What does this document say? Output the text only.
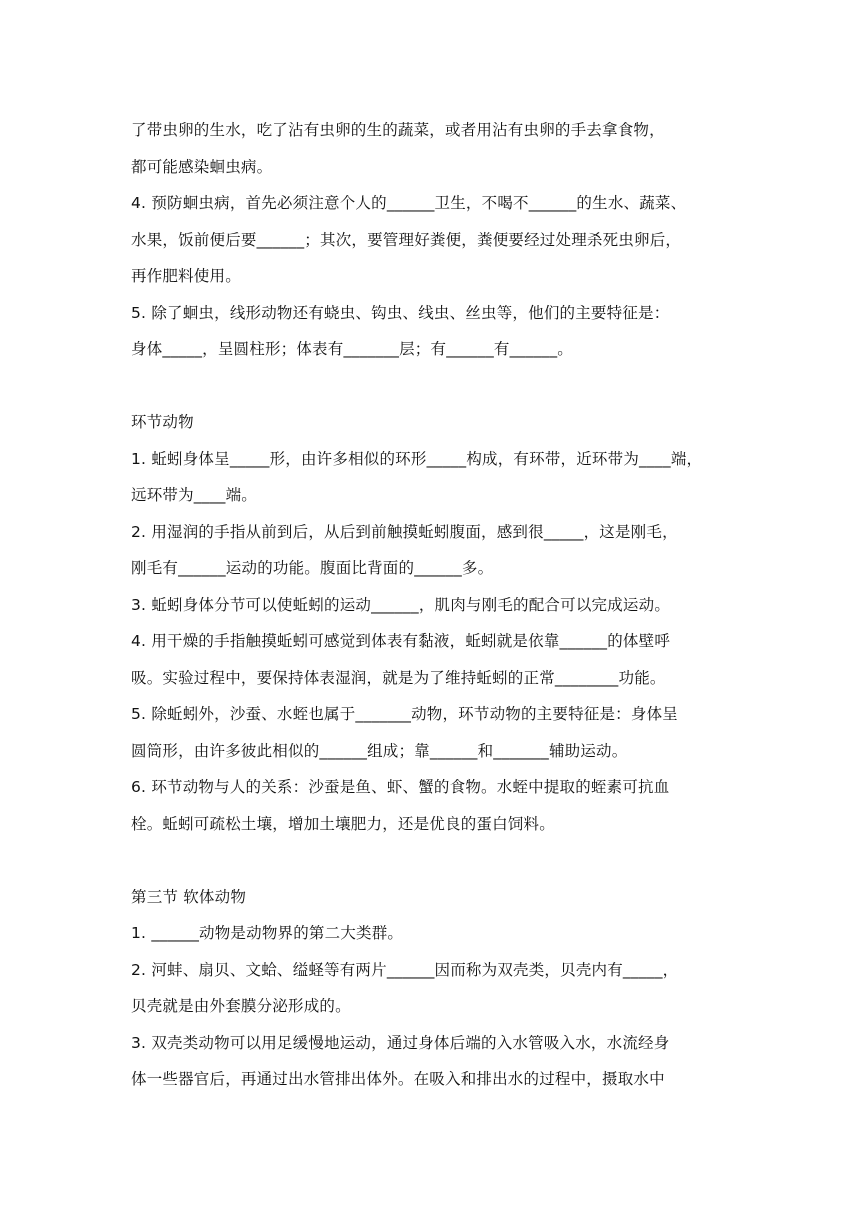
了带虫卵的生水，吃了沾有虫卵的生的蔬菜，或者用沾有虫卵的手去拿食物，
都可能感染蛔虫病。
4. 预防蛔虫病，首先必须注意个人的______卫生，不喝不______的生水、蔬菜、
水果，饭前便后要______；其次，要管理好粪便，粪便要经过处理杀死虫卵后，
再作肥料使用。
5. 除了蛔虫，线形动物还有蛲虫、钩虫、线虫、丝虫等，他们的主要特征是：
身体_____，呈圆柱形；体表有_______层；有______有______。
环节动物
1. 蚯蚓身体呈_____形，由许多相似的环形_____构成，有环带，近环带为____端，
远环带为____端。
2. 用湿润的手指从前到后，从后到前触摸蚯蚓腹面，感到很_____，这是刚毛，
刚毛有______运动的功能。腹面比背面的______多。
3. 蚯蚓身体分节可以使蚯蚓的运动______，肌肉与刚毛的配合可以完成运动。
4. 用干燥的手指触摸蚯蚓可感觉到体表有黏液，蚯蚓就是依靠______的体壁呼
吸。实验过程中，要保持体表湿润，就是为了维持蚯蚓的正常________功能。
5. 除蚯蚓外，沙蚕、水蛭也属于_______动物，环节动物的主要特征是：身体呈
圆筒形，由许多彼此相似的______组成；靠______和_______辅助运动。
6. 环节动物与人的关系：沙蚕是鱼、虾、蟹的食物。水蛭中提取的蛭素可抗血
栓。蚯蚓可疏松土壤，增加土壤肥力，还是优良的蛋白饲料。
第三节 软体动物
1. ______动物是动物界的第二大类群。
2. 河蚌、扇贝、文蛤、缢蛏等有两片______因而称为双壳类，贝壳内有_____，
贝壳就是由外套膜分泌形成的。
3. 双壳类动物可以用足缓慢地运动，通过身体后端的入水管吸入水，水流经身
体一些器官后，再通过出水管排出体外。在吸入和排出水的过程中，摄取水中
